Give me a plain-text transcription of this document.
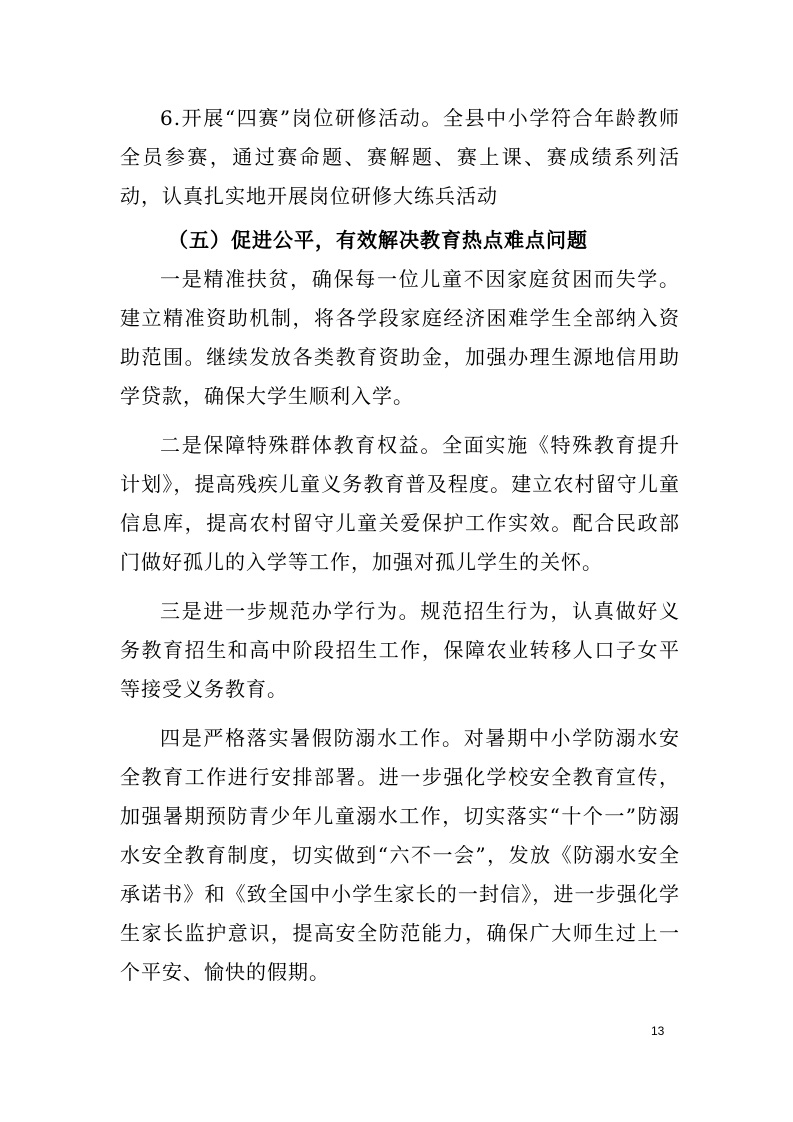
6.开展“四赛”岗位研修活动。全县中小学符合年龄教师全员参赛，通过赛命题、赛解题、赛上课、赛成绩系列活动，认真扎实地开展岗位研修大练兵活动

（五）促进公平，有效解决教育热点难点问题

一是精准扶贫，确保每一位儿童不因家庭贫困而失学。建立精准资助机制，将各学段家庭经济困难学生全部纳入资助范围。继续发放各类教育资助金，加强办理生源地信用助学贷款，确保大学生顺利入学。

二是保障特殊群体教育权益。全面实施《特殊教育提升计划》，提高残疾儿童义务教育普及程度。建立农村留守儿童信息库，提高农村留守儿童关爱保护工作实效。配合民政部门做好孤儿的入学等工作，加强对孤儿学生的关怀。

三是进一步规范办学行为。规范招生行为，认真做好义务教育招生和高中阶段招生工作，保障农业转移人口子女平等接受义务教育。

四是严格落实暑假防溺水工作。对暑期中小学防溺水安全教育工作进行安排部署。进一步强化学校安全教育宣传，加强暑期预防青少年儿童溺水工作，切实落实“十个一”防溺水安全教育制度，切实做到“六不一会”，发放《防溺水安全承诺书》和《致全国中小学生家长的一封信》，进一步强化学生家长监护意识，提高安全防范能力，确保广大师生过上一个平安、愉快的假期。

13
